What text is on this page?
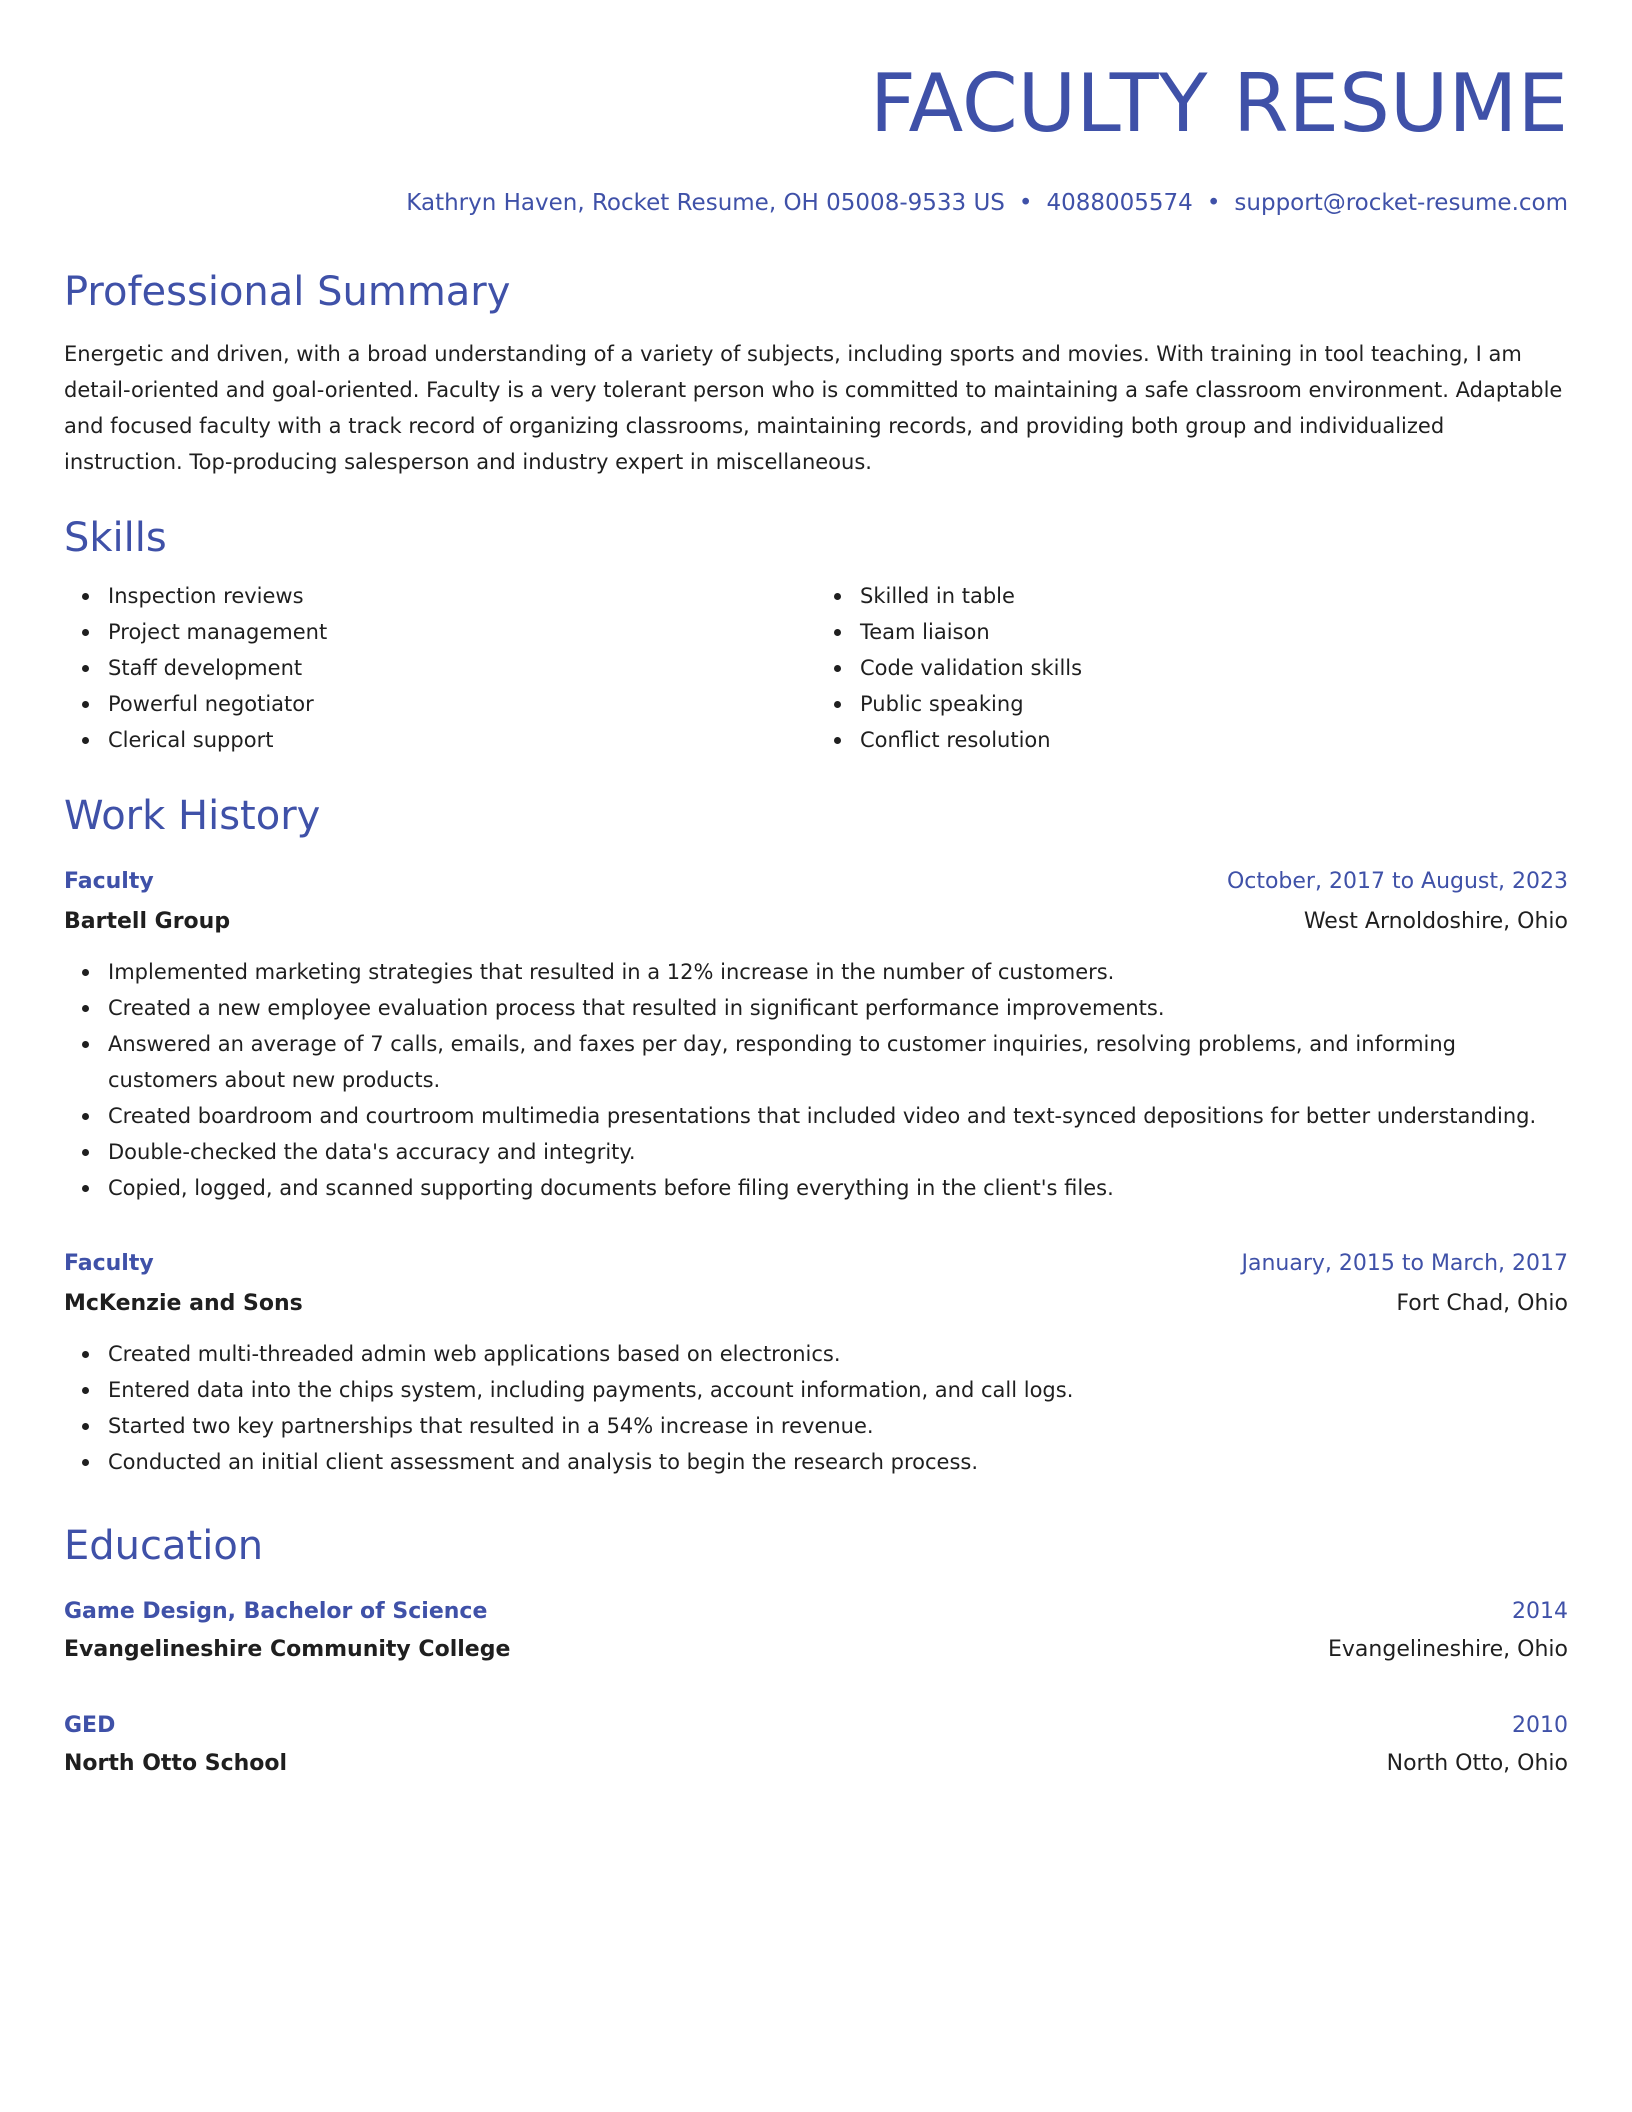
FACULTY RESUME
Kathryn Haven, Rocket Resume, OH 05008-9533 US • 4088005574 • support@rocket-resume.com
Professional Summary

Energetic and driven, with a broad understanding of a variety of subjects, including sports and movies. With training in tool teaching, I am detail-oriented and goal-oriented. Faculty is a very tolerant person who is committed to maintaining a safe classroom environment. Adaptable and focused faculty with a track record of organizing classrooms, maintaining records, and providing both group and individualized instruction. Top-producing salesperson and industry expert in miscellaneous.

Skills
Inspection reviews
Project management
Staff development
Powerful negotiator
Clerical support
Skilled in table
Team liaison
Code validation skills
Public speaking
Conflict resolution
Work History
Faculty	October, 2017 to August, 2023
Bartell Group	West Arnoldoshire, Ohio
Implemented marketing strategies that resulted in a 12% increase in the number of customers.
Created a new employee evaluation process that resulted in significant performance improvements.
Answered an average of 7 calls, emails, and faxes per day, responding to customer inquiries, resolving problems, and informing customers about new products.
Created boardroom and courtroom multimedia presentations that included video and text-synced depositions for better understanding.
Double-checked the data's accuracy and integrity.
Copied, logged, and scanned supporting documents before filing everything in the client's files.
Faculty	January, 2015 to March, 2017
McKenzie and Sons	Fort Chad, Ohio
Created multi-threaded admin web applications based on electronics.
Entered data into the chips system, including payments, account information, and call logs.
Started two key partnerships that resulted in a 54% increase in revenue.
Conducted an initial client assessment and analysis to begin the research process.
Education
Game Design, Bachelor of Science	2014
Evangelineshire Community College	Evangelineshire, Ohio
GED	2010
North Otto School	North Otto, Ohio
